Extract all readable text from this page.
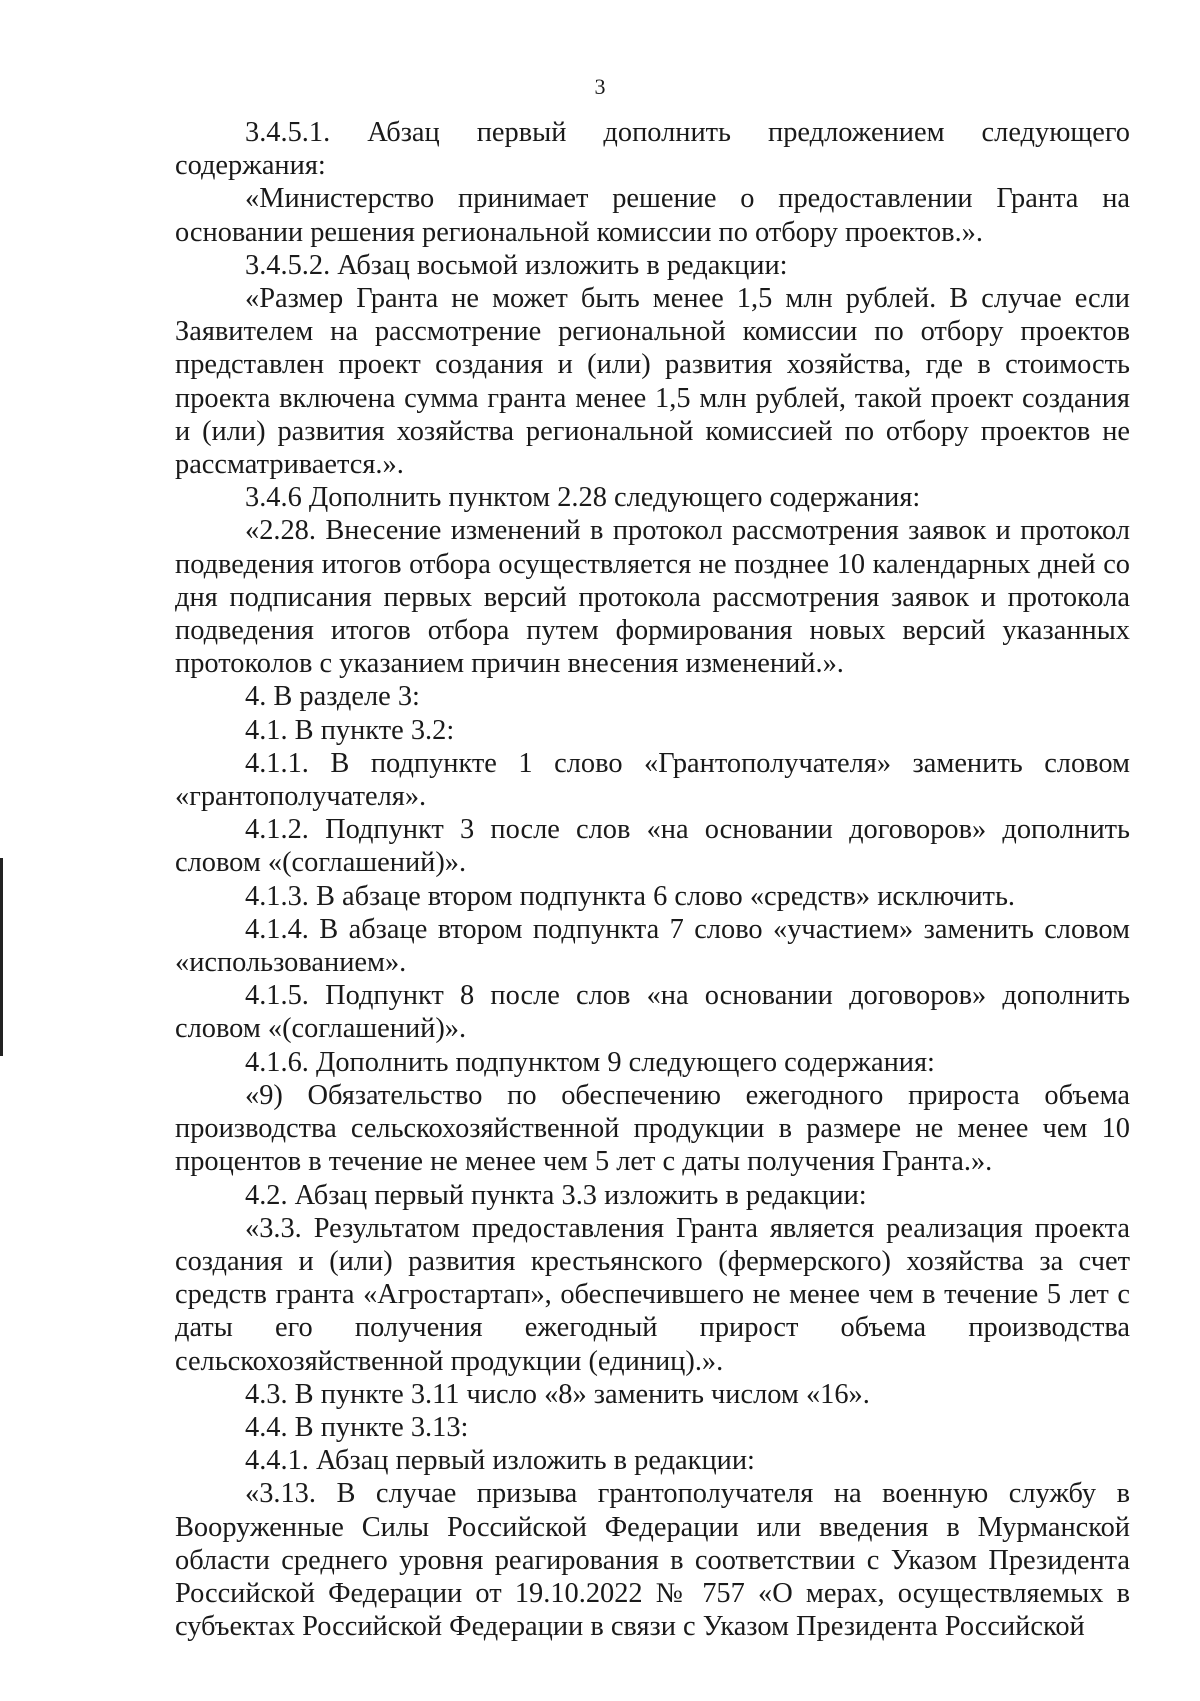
3

3.4.5.1. Абзац первый дополнить предложением следующего содержания:

«Министерство принимает решение о предоставлении Гранта на основании решения региональной комиссии по отбору проектов.».

3.4.5.2. Абзац восьмой изложить в редакции:

«Размер Гранта не может быть менее 1,5 млн рублей. В случае если Заявителем на рассмотрение региональной комиссии по отбору проектов представлен проект создания и (или) развития хозяйства, где в стоимость проекта включена сумма гранта менее 1,5 млн рублей, такой проект создания и (или) развития хозяйства региональной комиссией по отбору проектов не рассматривается.».

3.4.6 Дополнить пунктом 2.28 следующего содержания:

«2.28. Внесение изменений в протокол рассмотрения заявок и протокол подведения итогов отбора осуществляется не позднее 10 календарных дней со дня подписания первых версий протокола рассмотрения заявок и протокола подведения итогов отбора путем формирования новых версий указанных протоколов с указанием причин внесения изменений.».

4. В разделе 3:

4.1. В пункте 3.2:

4.1.1. В подпункте 1 слово «Грантополучателя» заменить словом «грантополучателя».

4.1.2. Подпункт 3 после слов «на основании договоров» дополнить словом «(соглашений)».

4.1.3. В абзаце втором подпункта 6 слово «средств» исключить.

4.1.4. В абзаце втором подпункта 7 слово «участием» заменить словом «использованием».

4.1.5. Подпункт 8 после слов «на основании договоров» дополнить словом «(соглашений)».

4.1.6. Дополнить подпунктом 9 следующего содержания:

«9) Обязательство по обеспечению ежегодного прироста объема производства сельскохозяйственной продукции в размере не менее чем 10 процентов в течение не менее чем 5 лет с даты получения Гранта.».

4.2. Абзац первый пункта 3.3 изложить в редакции:

«3.3. Результатом предоставления Гранта является реализация проекта создания и (или) развития крестьянского (фермерского) хозяйства за счет средств гранта «Агростартап», обеспечившего не менее чем в течение 5 лет с даты его получения ежегодный прирост объема производства сельскохозяйственной продукции (единиц).».

4.3. В пункте 3.11 число «8» заменить числом «16».

4.4. В пункте 3.13:

4.4.1. Абзац первый изложить в редакции:

«3.13. В случае призыва грантополучателя на военную службу в Вооруженные Силы Российской Федерации или введения в Мурманской области среднего уровня реагирования в соответствии с Указом Президента Российской Федерации от 19.10.2022 № 757 «О мерах, осуществляемых в субъектах Российской Федерации в связи с Указом Президента Российской
